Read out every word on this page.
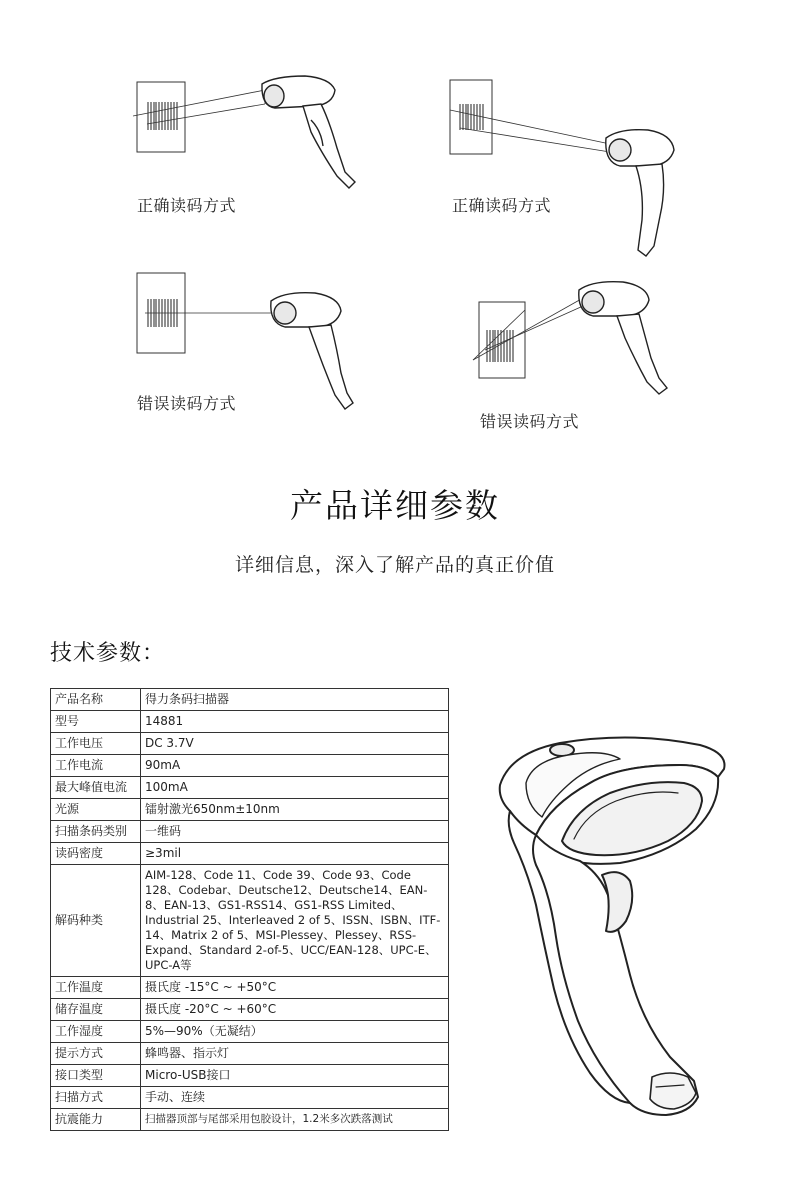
正确读码方式	正确读码方式
错误读码方式
错误读码方式
产品详细参数
详细信息，深入了解产品的真正价值
技术参数：
产品名称	得力条码扫描器
型号	14881
工作电压	DC 3.7V
工作电流	90mA
最大峰值电流	100mA
光源	镭射激光650nm±10nm
扫描条码类别	一维码
读码密度	≥3mil
解码种类	AIM-128、Code 11、Code 39、Code 93、Code 128、Codebar、Deutsche12、Deutsche14、EAN-8、EAN-13、GS1-RSS14、GS1-RSS Limited、Industrial 25、Interleaved 2 of 5、ISSN、ISBN、ITF-14、Matrix 2 of 5、MSI-Plessey、Plessey、RSS-Expand、Standard 2-of-5、UCC/EAN-128、UPC-E、UPC-A等
工作温度	摄氏度 -15°C ~ +50°C
储存温度	摄氏度 -20°C ~ +60°C
工作湿度	5%—90%（无凝结）
提示方式	蜂鸣器、指示灯
接口类型	Micro-USB接口
扫描方式	手动、连续
抗震能力	扫描器顶部与尾部采用包胶设计，1.2米多次跌落测试
